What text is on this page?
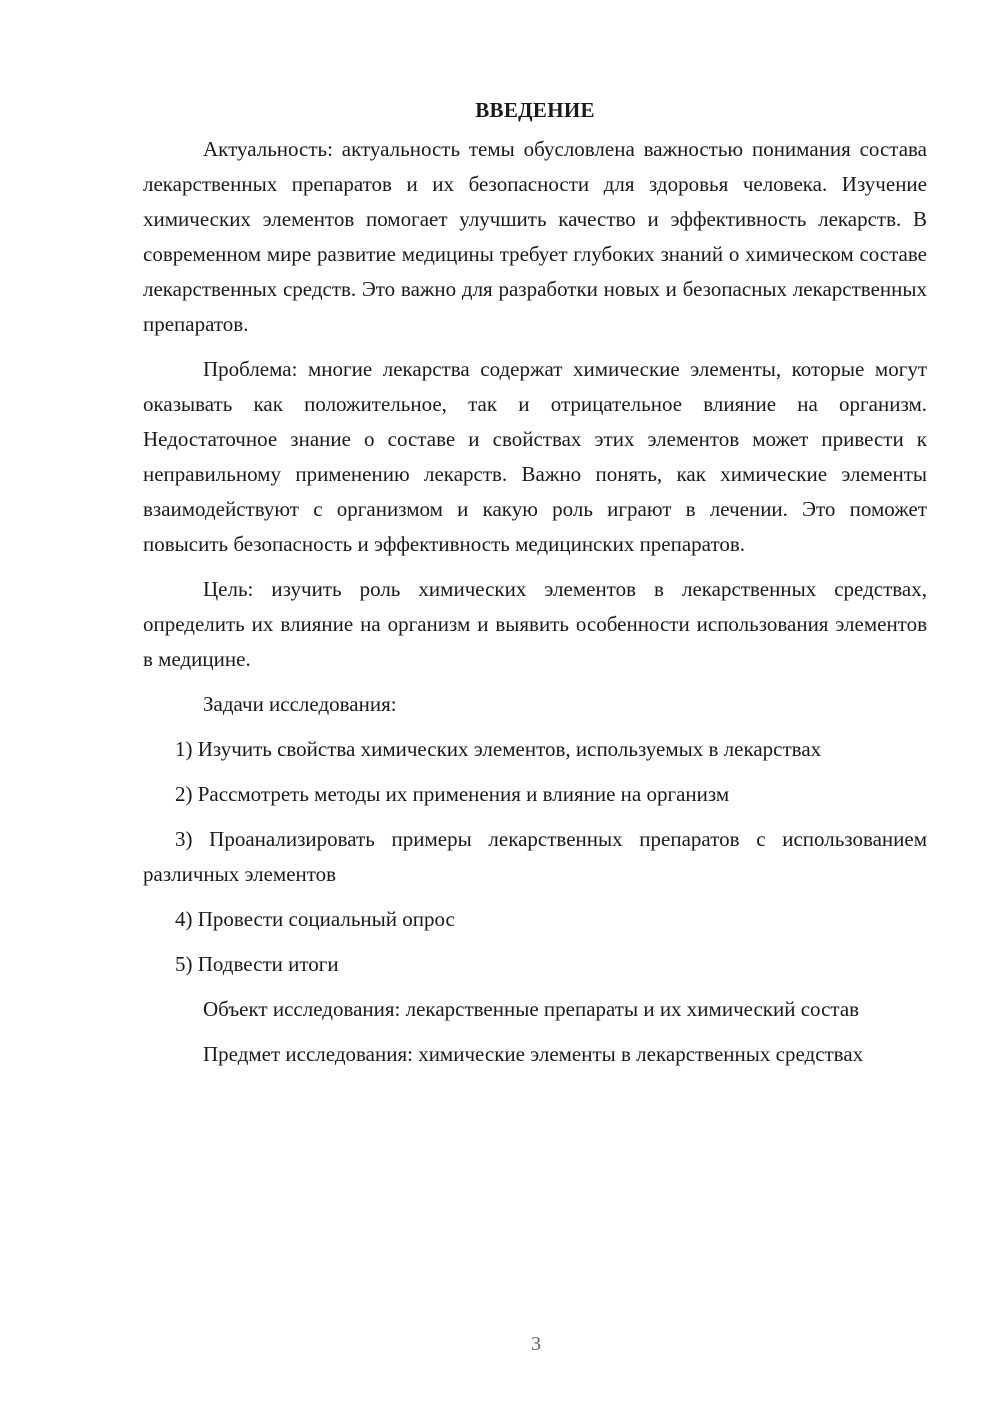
ВВЕДЕНИЕ

Актуальность: актуальность темы обусловлена важностью понимания состава лекарственных препаратов и их безопасности для здоровья человека. Изучение химических элементов помогает улучшить качество и эффективность лекарств. В современном мире развитие медицины требует глубоких знаний о химическом составе лекарственных средств. Это важно для разработки новых и безопасных лекарственных препаратов.

Проблема: многие лекарства содержат химические элементы, которые могут оказывать как положительное, так и отрицательное влияние на организм. Недостаточное знание о составе и свойствах этих элементов может привести к неправильному применению лекарств. Важно понять, как химические элементы взаимодействуют с организмом и какую роль играют в лечении. Это поможет повысить безопасность и эффективность медицинских препаратов.

Цель: изучить роль химических элементов в лекарственных средствах, определить их влияние на организм и выявить особенности использования элементов в медицине.

Задачи исследования:

1) Изучить свойства химических элементов, используемых в лекарствах

2) Рассмотреть методы их применения и влияние на организм

3) Проанализировать примеры лекарственных препаратов с использованием различных элементов

4) Провести социальный опрос

5) Подвести итоги

Объект исследования: лекарственные препараты и их химический состав

Предмет исследования: химические элементы в лекарственных средствах

3
